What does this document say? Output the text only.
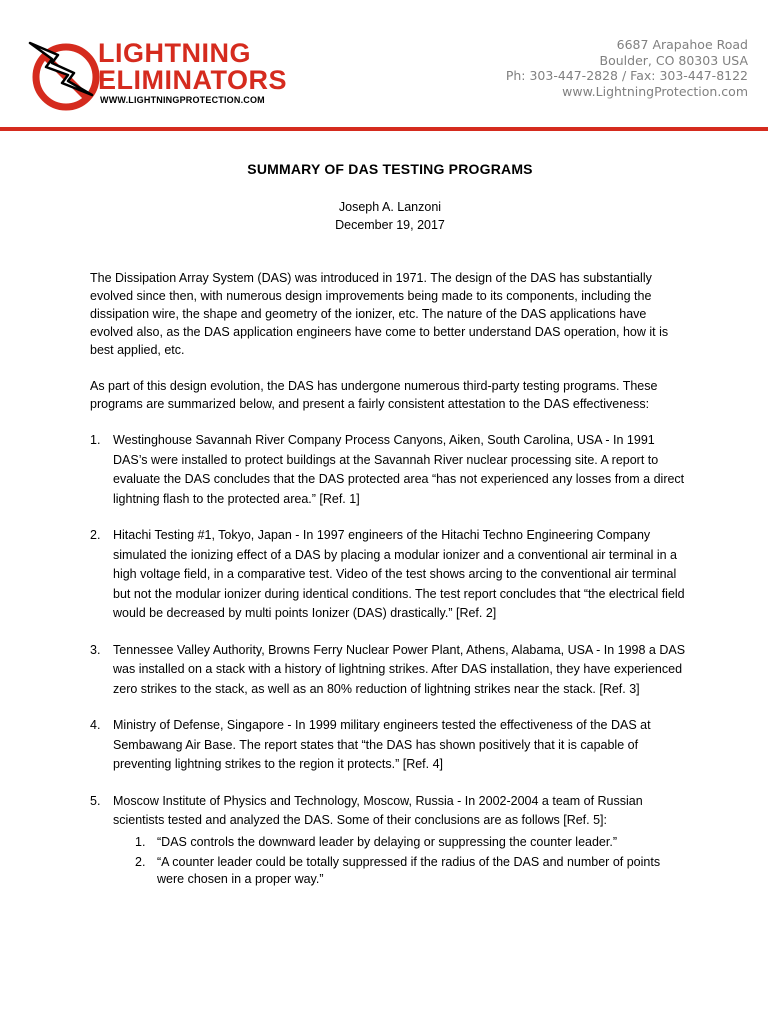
LIGHTNING
ELIMINATORS
WWW.LIGHTNINGPROTECTION.COM
6687 Arapahoe Road
Boulder, CO 80303 USA
Ph: 303-447-2828 / Fax: 303-447-8122
www.LightningProtection.com
SUMMARY OF DAS TESTING PROGRAMS
Joseph A. Lanzoni
December 19, 2017

The Dissipation Array System (DAS) was introduced in 1971. The design of the DAS has substantially evolved since then, with numerous design improvements being made to its components, including the dissipation wire, the shape and geometry of the ionizer, etc. The nature of the DAS applications have evolved also, as the DAS application engineers have come to better understand DAS operation, how it is best applied, etc.

As part of this design evolution, the DAS has undergone numerous third-party testing programs. These programs are summarized below, and present a fairly consistent attestation to the DAS effectiveness:

1. Westinghouse Savannah River Company Process Canyons, Aiken, South Carolina, USA - In 1991 DAS’s were installed to protect buildings at the Savannah River nuclear processing site. A report to evaluate the DAS concludes that the DAS protected area “has not experienced any losses from a direct lightning flash to the protected area.” [Ref. 1]
2. Hitachi Testing #1, Tokyo, Japan - In 1997 engineers of the Hitachi Techno Engineering Company simulated the ionizing effect of a DAS by placing a modular ionizer and a conventional air terminal in a high voltage field, in a comparative test. Video of the test shows arcing to the conventional air terminal but not the modular ionizer during identical conditions. The test report concludes that “the electrical field would be decreased by multi points Ionizer (DAS) drastically.” [Ref. 2]
3. Tennessee Valley Authority, Browns Ferry Nuclear Power Plant, Athens, Alabama, USA - In 1998 a DAS was installed on a stack with a history of lightning strikes. After DAS installation, they have experienced zero strikes to the stack, as well as an 80% reduction of lightning strikes near the stack. [Ref. 3]
4. Ministry of Defense, Singapore - In 1999 military engineers tested the effectiveness of the DAS at Sembawang Air Base. The report states that “the DAS has shown positively that it is capable of preventing lightning strikes to the region it protects.” [Ref. 4]
5. Moscow Institute of Physics and Technology, Moscow, Russia - In 2002-2004 a team of Russian scientists tested and analyzed the DAS. Some of their conclusions are as follows [Ref. 5]:
1. “DAS controls the downward leader by delaying or suppressing the counter leader.”
2. “A counter leader could be totally suppressed if the radius of the DAS and number of points were chosen in a proper way.”
